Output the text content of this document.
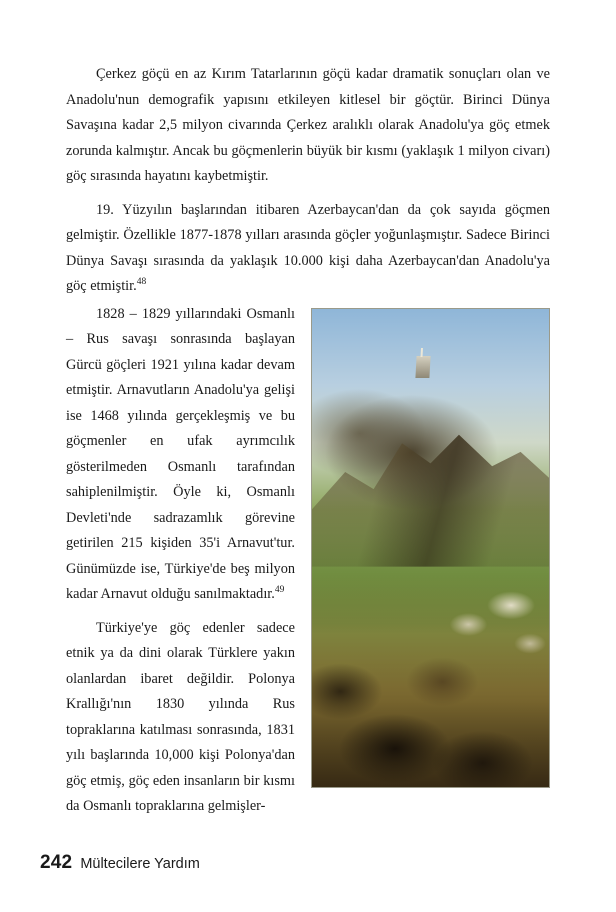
Çerkez göçü en az Kırım Tatarlarının göçü kadar dramatik sonuçları olan ve Anadolu'nun demografik yapısını etkileyen kitlesel bir göçtür. Birinci Dünya Savaşına kadar 2,5 milyon civarında Çerkez aralıklı olarak Anadolu'ya göç etmek zorunda kalmıştır. Ancak bu göçmenlerin büyük bir kısmı (yaklaşık 1 milyon civarı) göç sırasında hayatını kaybetmiştir.

19. Yüzyılın başlarından itibaren Azerbaycan'dan da çok sayıda göçmen gelmiştir. Özellikle 1877-1878 yılları arasında göçler yoğunlaşmıştır. Sadece Birinci Dünya Savaşı sırasında da yaklaşık 10.000 kişi daha Azerbaycan'dan Anadolu'ya göç etmiştir.$^{48}$

1828 – 1829 yıllarındaki Osmanlı – Rus savaşı sonrasında başlayan Gürcü göçleri 1921 yılına kadar devam etmiştir. Arnavutların Anadolu'ya gelişi ise 1468 yılında gerçekleşmiş ve bu göçmenler en ufak ayrımcılık gösterilmeden Osmanlı tarafından sahiplenilmiştir. Öyle ki, Osmanlı Devleti'nde sadrazamlık görevine getirilen 215 kişiden 35'i Arnavut'tur. Günümüzde ise, Türkiye'de beş milyon kadar Arnavut olduğu sanılmaktadır.$^{49}$

Türkiye'ye göç edenler sadece etnik ya da dini olarak Türklere yakın olanlardan ibaret değildir. Polonya Krallığı'nın 1830 yılında Rus topraklarına katılması sonrasında, 1831 yılı başlarında 10,000 kişi Polonya'dan göç etmiş, göç eden insanların bir kısmı da Osmanlı topraklarına gelmişler-

242 Mültecilere Yardım
